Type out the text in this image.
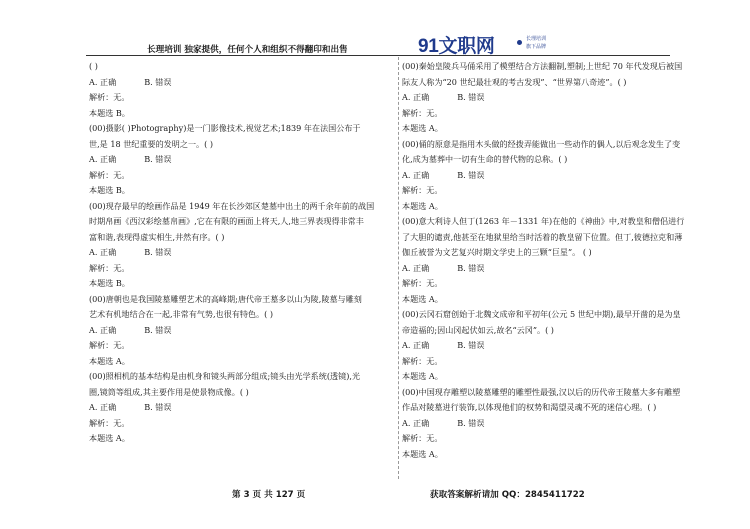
长理培训 独家提供，任何个人和组织不得翻印和出售	91文职网	长理培训
旗下品牌
( )
A. 正确	B. 错误
解析：无。
本题选 B。
(00)摄影( )Photography)是一门影像技术,视觉艺术;1839 年在法国公布于
世,是 18 世纪重要的发明之一。( )
A. 正确	B. 错误
解析：无。
本题选 B。
(00)现存最早的绘画作品是 1949 年在长沙郊区楚墓中出土的两千余年前的战国
时期帛画《西汉彩绘墓帛画》,它在有限的画面上将天,人,地三界表现得非常丰
富和谐,表现得虚实相生,井然有序。( )
A. 正确	B. 错误
解析：无。
本题选 B。
(00)唐朝也是我国陵墓雕塑艺术的高峰期;唐代帝王墓多以山为陵,陵墓与雕刻
艺术有机地结合在一起,非常有气势,也很有特色。( )
A. 正确	B. 错误
解析：无。
本题选 A。
(00)照相机的基本结构是由机身和镜头两部分组成;镜头由光学系统(透镜),光
圈,镜筒等组成,其主要作用是使景物成像。( )
A. 正确	B. 错误
解析：无。
本题选 A。
(00)秦始皇陵兵马俑采用了模塑结合方法翻制,塑制;上世纪 70 年代发现后被国
际友人称为“20 世纪最壮观的考古发现”、“世界第八奇迹”。( )
A. 正确	B. 错误
解析：无。
本题选 A。
(00)俑的原意是指用木头做的经拨弄能做出一些动作的偶人,以后观念发生了变
化,成为墓葬中一切有生命的替代物的总称。( )
A. 正确	B. 错误
解析：无。
本题选 A。
(00)意大利诗人但丁(1263 年－1331 年)在他的《神曲》中,对教皇和僧侣进行
了大胆的谴责,他甚至在地狱里给当时活着的教皇留下位置。但丁,彼德拉克和薄
伽丘被誉为文艺复兴时期文学史上的三颗“巨星”。 ( )
A. 正确	B. 错误
解析：无。
本题选 A。
(00)云冈石窟创始于北魏文成帝和平初年(公元 5 世纪中期),最早开凿的是为皇
帝造福的;因山冈起伏如云,故名“云冈”。( )
A. 正确	B. 错误
解析：无。
本题选 A。
(00)中国现存雕塑以陵墓雕塑的雕塑性最强,汉以后的历代帝王陵墓大多有雕塑
作品对陵墓进行装饰,以体现他们的权势和渴望灵魂不死的迷信心理。( )
A. 正确	B. 错误
解析：无。
本题选 A。
第 3 页 共 127 页	获取答案解析请加 QQ：2845411722
